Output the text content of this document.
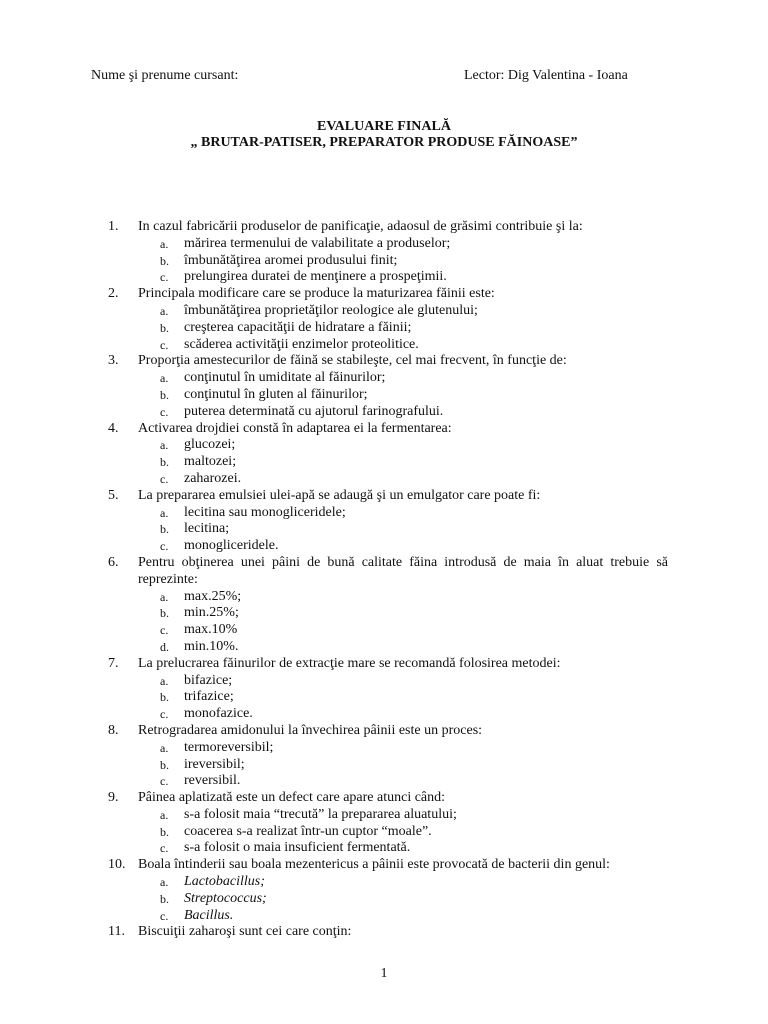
Nume şi prenume cursant:	Lector: Dig Valentina - Ioana
EVALUARE FINALĂ
„ BRUTAR-PATISER, PREPARATOR PRODUSE FĂINOASE”
1.	In cazul fabricării produselor de panificaţie, adaosul de grăsimi contribuie şi la:
a.	mărirea termenului de valabilitate a produselor;
b.	îmbunătăţirea aromei produsului finit;
c.	prelungirea duratei de menţinere a prospeţimii.
2.	Principala modificare care se produce la maturizarea făinii este:
a.	îmbunătăţirea proprietăţilor reologice ale glutenului;
b.	creşterea capacităţii de hidratare a făinii;
c.	scăderea activităţii enzimelor proteolitice.
3.	Proporţia amestecurilor de făină se stabileşte, cel mai frecvent, în funcţie de:
a.	conţinutul în umiditate al făinurilor;
b.	conţinutul în gluten al făinurilor;
c.	puterea determinată cu ajutorul farinografului.
4.	Activarea drojdiei constă în adaptarea ei la fermentarea:
a.	glucozei;
b.	maltozei;
c.	zaharozei.
5.	La prepararea emulsiei ulei-apă se adaugă şi un emulgator care poate fi:
a.	lecitina sau monogliceridele;
b.	lecitina;
c.	monogliceridele.
6.	Pentru obţinerea unei pâini de bună calitate făina introdusă de maia în aluat trebuie să reprezinte:
a.	max.25%;
b.	min.25%;
c.	max.10%
d.	min.10%.
7.	La prelucrarea făinurilor de extracţie mare se recomandă folosirea metodei:
a.	bifazice;
b.	trifazice;
c.	monofazice.
8.	Retrogradarea amidonului la învechirea pâinii este un proces:
a.	termoreversibil;
b.	ireversibil;
c.	reversibil.
9.	Pâinea aplatizată este un defect care apare atunci când:
a.	s-a folosit maia “trecută” la prepararea aluatului;
b.	coacerea s-a realizat într-un cuptor “moale”.
c.	s-a folosit o maia insuficient fermentată.
10. Boala întinderii sau boala mezentericus a pâinii este provocată de bacterii din genul:
a.	Lactobacillus;
b.	Streptococcus;
c.	Bacillus.
11. Biscuiţii zaharoşi sunt cei care conţin:
1
